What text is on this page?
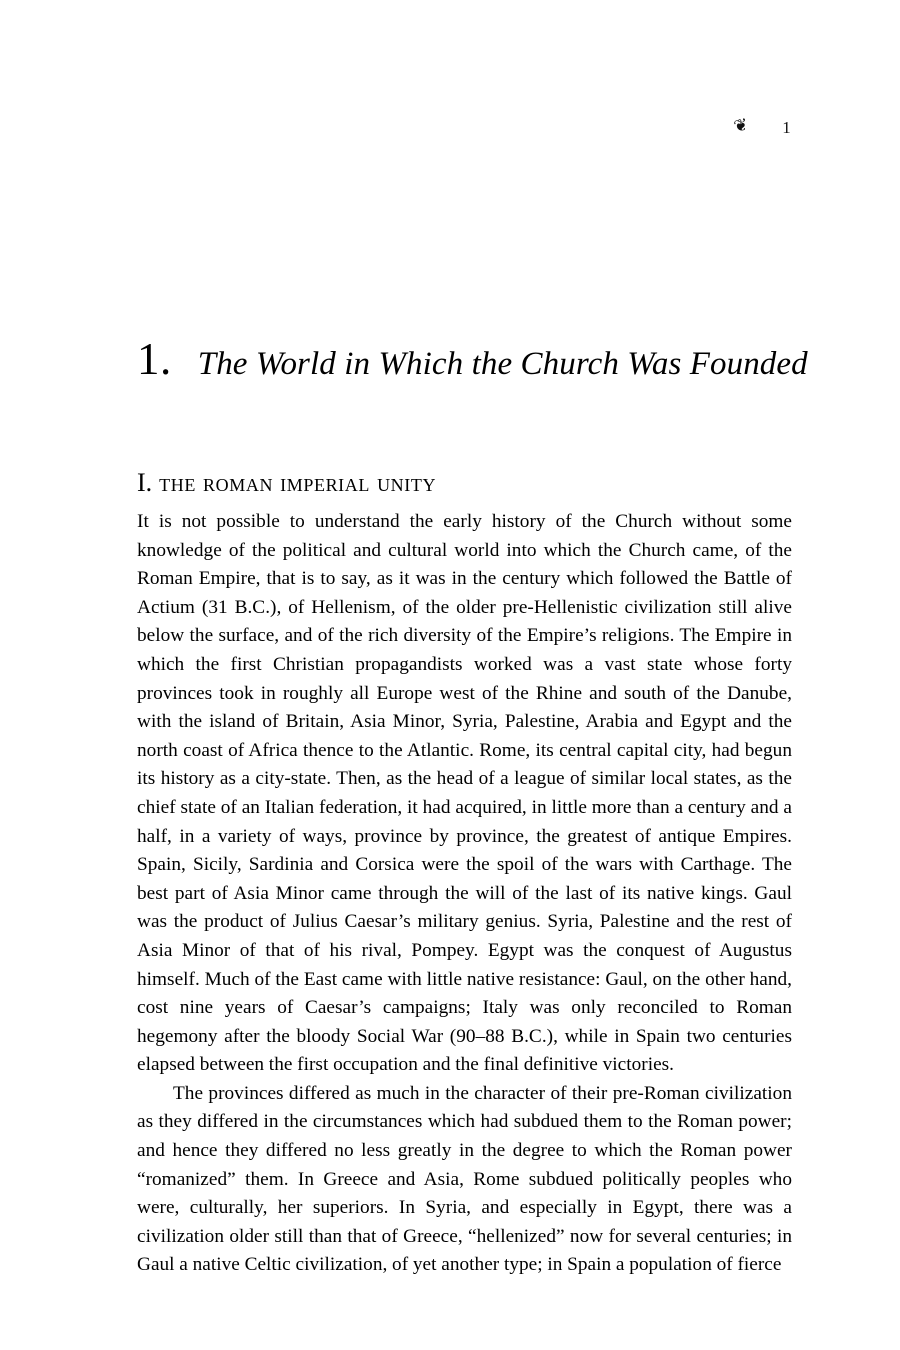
❦ 1
1. The World in Which the Church Was Founded
I. the roman imperial unity

It is not possible to understand the early history of the Church without some knowledge of the political and cultural world into which the Church came, of the Roman Empire, that is to say, as it was in the century which followed the Battle of Actium (31 B.C.), of Hellenism, of the older pre-Hellenistic civilization still alive below the surface, and of the rich diversity of the Empire’s religions. The Empire in which the first Christian propagandists worked was a vast state whose forty provinces took in roughly all Europe west of the Rhine and south of the Danube, with the island of Britain, Asia Minor, Syria, Palestine, Arabia and Egypt and the north coast of Africa thence to the Atlantic. Rome, its central capital city, had begun its history as a city-state. Then, as the head of a league of similar local states, as the chief state of an Italian federation, it had acquired, in little more than a century and a half, in a variety of ways, province by province, the greatest of antique Empires. Spain, Sicily, Sardinia and Corsica were the spoil of the wars with Carthage. The best part of Asia Minor came through the will of the last of its native kings. Gaul was the product of Julius Caesar’s military genius. Syria, Palestine and the rest of Asia Minor of that of his rival, Pompey. Egypt was the conquest of Augustus himself. Much of the East came with little native resistance: Gaul, on the other hand, cost nine years of Caesar’s campaigns; Italy was only reconciled to Roman hegemony after the bloody Social War (90–88 B.C.), while in Spain two centuries elapsed between the first occupation and the final definitive victories.

The provinces differed as much in the character of their pre-Roman civilization as they differed in the circumstances which had subdued them to the Roman power; and hence they differed no less greatly in the degree to which the Roman power “romanized” them. In Greece and Asia, Rome subdued politically peoples who were, culturally, her superiors. In Syria, and especially in Egypt, there was a civilization older still than that of Greece, “hellenized” now for several centuries; in Gaul a native Celtic civilization, of yet another type; in Spain a population of fierce
